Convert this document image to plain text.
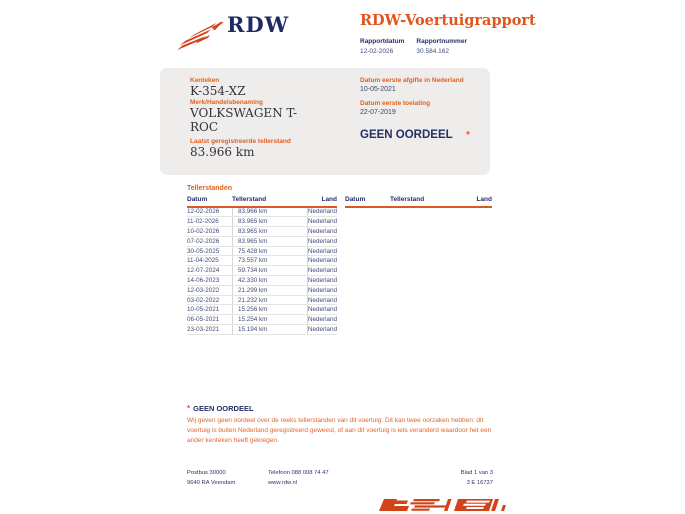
RDW	RDW-Voertuigrapport
Rapportdatum
12-02-2026
Rapportnummer
30.584.162
Kenteken
K-354-XZ
Merk/Handelsbenaming
VOLKSWAGEN T-ROC
Laatst geregistreerde tellerstand
83.966 km
Datum eerste afgifte in Nederland
10-05-2021
Datum eerste toelating
22-07-2019
GEEN OORDEEL *
Tellerstanden
Datum	Tellerstand	Land
12-02-2026	83.966 km	Nederland
11-02-2026	83.965 km	Nederland
10-02-2026	83.965 km	Nederland
07-02-2026	83.965 km	Nederland
30-05-2025	75.428 km	Nederland
11-04-2025	73.557 km	Nederland
12-07-2024	59.734 km	Nederland
14-06-2023	42.330 km	Nederland
12-03-2022	21.299 km	Nederland
03-02-2022	21.232 km	Nederland
10-05-2021	15.256 km	Nederland
06-05-2021	15.254 km	Nederland
23-03-2021	15.194 km	Nederland
Datum	Tellerstand	Land
* GEEN OORDEEL
Wij geven geen oordeel over de reeks tellerstanden van dit voertuig. Dit kan twee oorzaken hebben: dit voertuig is buiten Nederland geregistreerd geweest, of aan dit voertuig is iets veranderd waardoor het een ander kenteken heeft gekregen.
Postbus 30000
9640 RA Veendam
Telefoon 088 008 74 47
www.rdw.nl
Blad 1 van 3
3 E 16737
